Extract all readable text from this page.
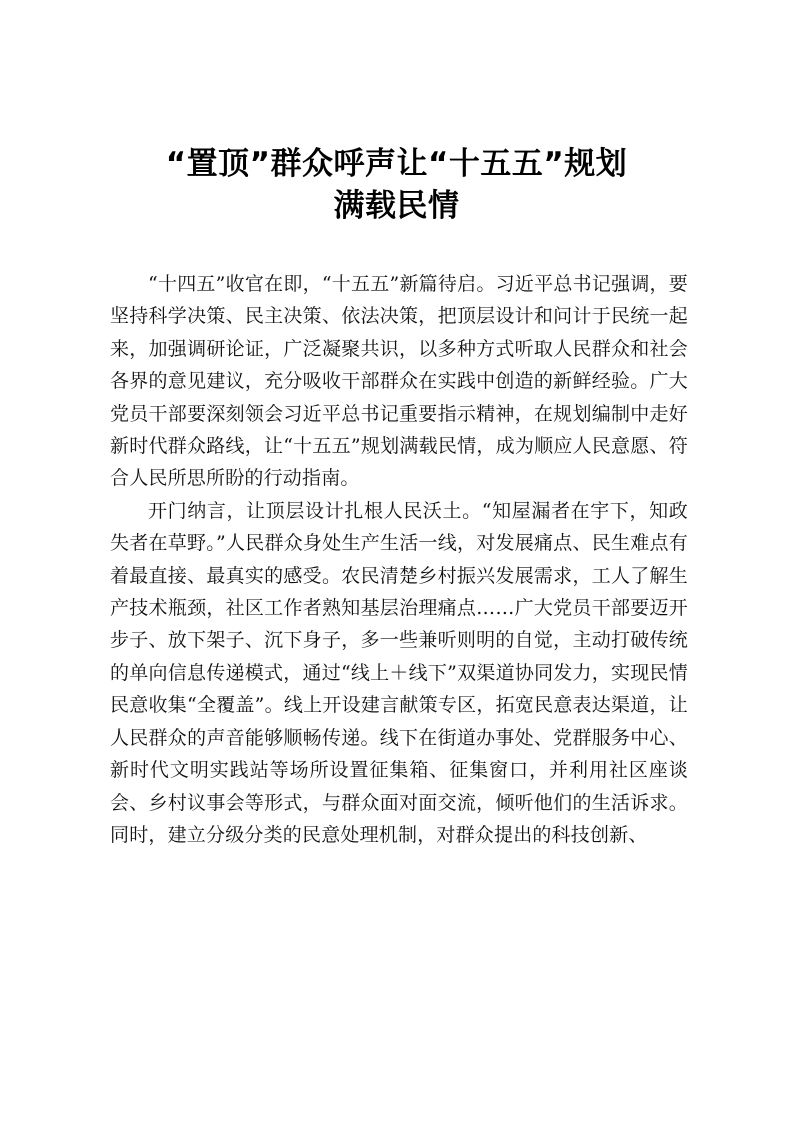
“置顶”群众呼声让“十五五”规划
满载民情

“十四五”收官在即，“十五五”新篇待启。习近平总书记强调，要坚持科学决策、民主决策、依法决策，把顶层设计和问计于民统一起来，加强调研论证，广泛凝聚共识，以多种方式听取人民群众和社会各界的意见建议，充分吸收干部群众在实践中创造的新鲜经验。广大党员干部要深刻领会习近平总书记重要指示精神，在规划编制中走好新时代群众路线，让“十五五”规划满载民情，成为顺应人民意愿、符合人民所思所盼的行动指南。

开门纳言，让顶层设计扎根人民沃土。“知屋漏者在宇下，知政失者在草野。”人民群众身处生产生活一线，对发展痛点、民生难点有着最直接、最真实的感受。农民清楚乡村振兴发展需求，工人了解生产技术瓶颈，社区工作者熟知基层治理痛点……广大党员干部要迈开步子、放下架子、沉下身子，多一些兼听则明的自觉，主动打破传统的单向信息传递模式，通过“线上＋线下”双渠道协同发力，实现民情民意收集“全覆盖”。线上开设建言献策专区，拓宽民意表达渠道，让人民群众的声音能够顺畅传递。线下在街道办事处、党群服务中心、新时代文明实践站等场所设置征集箱、征集窗口，并利用社区座谈会、乡村议事会等形式，与群众面对面交流，倾听他们的生活诉求。同时，建立分级分类的民意处理机制，对群众提出的科技创新、
